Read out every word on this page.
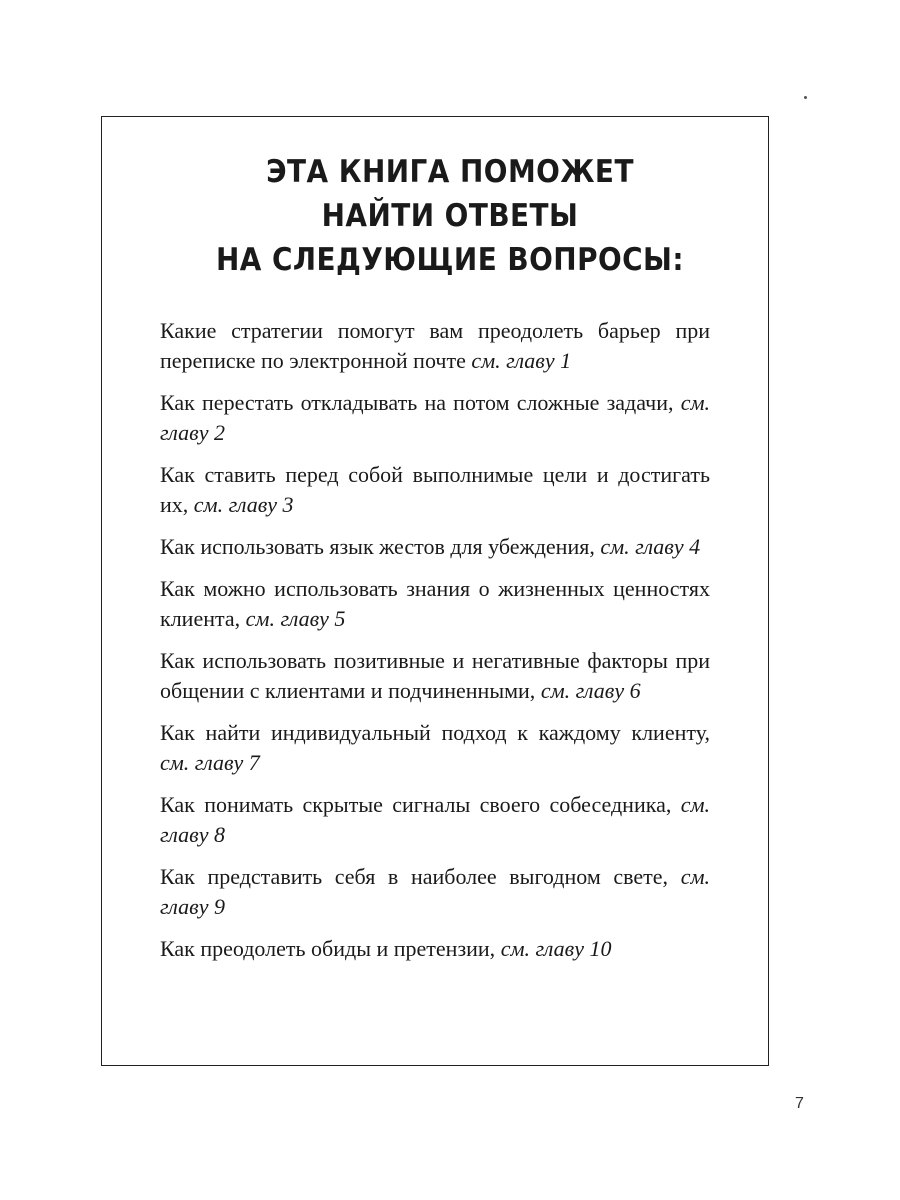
ЭТА КНИГА ПОМОЖЕТ
НАЙТИ ОТВЕТЫ
НА СЛЕДУЮЩИЕ ВОПРОСЫ:
Какие стратегии помогут вам преодолеть барьер при переписке по электронной почте см. главу 1
Как перестать откладывать на потом сложные задачи, см. главу 2
Как ставить перед собой выполнимые цели и достигать их, см. главу 3
Как использовать язык жестов для убеждения, см. главу 4
Как можно использовать знания о жизненных ценностях клиента, см. главу 5
Как использовать позитивные и негативные факторы при общении с клиентами и подчиненными, см. главу 6
Как найти индивидуальный подход к каждому клиенту, см. главу 7
Как понимать скрытые сигналы своего собеседника, см. главу 8
Как представить себя в наиболее выгодном свете, см. главу 9
Как преодолеть обиды и претензии, см. главу 10
7
